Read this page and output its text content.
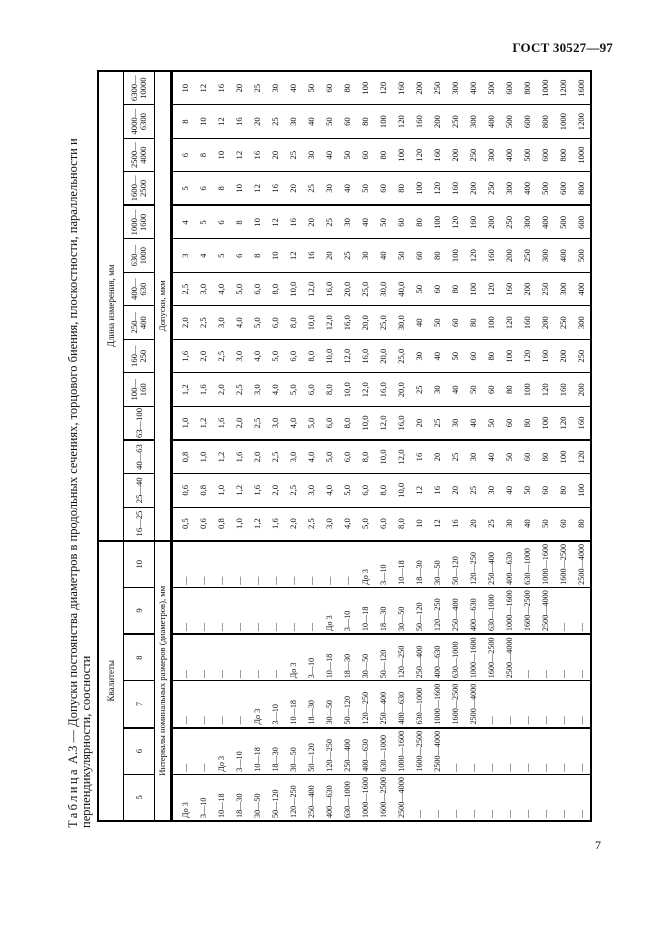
ГОСТ 30527—97
Таблица А.3 — Допуски постоянства диаметров в продольных сечениях, торцового биения, плоскостности, параллельности и перпендикулярности, соосности Квалитеты						Длина измерения, мм													
5	6	7	8	9	10	16—25	25—40	40—63	63—100	100—160	160—250	250—400	400—630	630—1000	1000—1600	1600—2500	2500—4000	4000—6300	6300—10000
Интервалы номинальных размеров (диаметров), мм						Допуски, мкм													
До 3	—	—	—	—	—	0,5	0,6	0,8	1,0	1,2	1,6	2,0	2,5	3	4	5	6	8	10
3—10	—	—	—	—	—	0,6	0,8	1,0	1,2	1,6	2,0	2,5	3,0	4	5	6	8	10	12
10—18	До 3	—	—	—	—	0,8	1,0	1,2	1,6	2,0	2,5	3,0	4,0	5	6	8	10	12	16
18—30	3—10	—	—	—	—	1,0	1,2	1,6	2,0	2,5	3,0	4,0	5,0	6	8	10	12	16	20
30—50	10—18	До 3	—	—	—	1,2	1,6	2,0	2,5	3,0	4,0	5,0	6,0	8	10	12	16	20	25
50—120	18—30	3—10	—	—	—	1,6	2,0	2,5	3,0	4,0	5,0	6,0	8,0	10	12	16	20	25	30
120—250	30—50	10—18	До 3	—	—	2,0	2,5	3,0	4,0	5,0	6,0	8,0	10,0	12	16	20	25	30	40
250—400	50—120	18—30	3—10	—	—	2,5	3,0	4,0	5,0	6,0	8,0	10,0	12,0	16	20	25	30	40	50
400—630	120—250	30—50	10—18	До 3	—	3,0	4,0	5,0	6,0	8,0	10,0	12,0	16,0	20	25	30	40	50	60
630—1000	250—400	50—120	18—30	3—10	—	4,0	5,0	6,0	8,0	10,0	12,0	16,0	20,0	25	30	40	50	60	80
1000—1600	400—630	120—250	30—50	10—18	До 3	5,0	6,0	8,0	10,0	12,0	16,0	20,0	25,0	30	40	50	60	80	100
1600—2500	630—1000	250—400	50—120	18—30	3—10	6,0	8,0	10,0	12,0	16,0	20,0	25,0	30,0	40	50	60	80	100	120
2500—4000	1000—1600	400—630	120—250	30—50	10—18	8,0	10,0	12,0	16,0	20,0	25,0	30,0	40,0	50	60	80	100	120	160
—	1600—2500	630—1000	250—400	50—120	18—30	10	12	16	20	25	30	40	50	60	80	100	120	160	200
—	2500—4000	1000—1600	400—630	120—250	30—50	12	16	20	25	30	40	50	60	80	100	120	160	200	250
—	—	1600—2500	630—1000	250—400	50—120	16	20	25	30	40	50	60	80	100	120	160	200	250	300
—	—	2500—4000	1000—1600	400—630	120—250	20	25	30	40	50	60	80	100	120	160	200	250	300	400
—	—	—	1600—2500	630—1000	250—400	25	30	40	50	60	80	100	120	160	200	250	300	400	500
—	—	—	2500—4000	1000—1600	400—630	30	40	50	60	80	100	120	160	200	250	300	400	500	600
—	—	—	—	1600—2500	630—1000	40	50	60	80	100	120	160	200	250	300	400	500	600	800
—	—	—	—	2500—4000	1000—1600	50	60	80	100	120	160	200	250	300	400	500	600	800	1000
—	—	—	—	—	1600—2500	60	80	100	120	160	200	250	300	400	500	600	800	1000	1200
—	—	—	—	—	2500—4000	80	100	120	160	200	250	300	400	500	600	800	1000	1200	1600
7
